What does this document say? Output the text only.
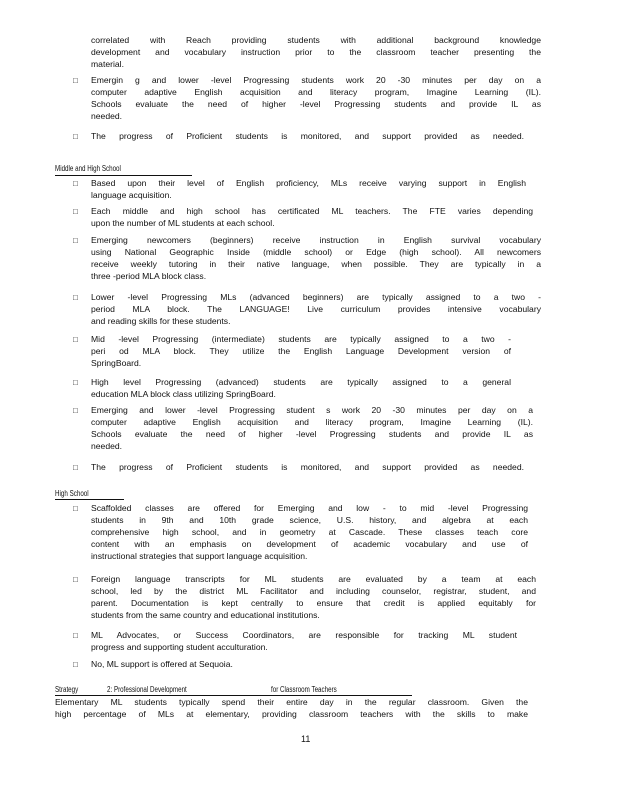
correlated with Reach providing students with additional background knowledge
development and vocabulary instruction prior to the classroom teacher presenting the
material.
□ Emergin g and lower -level Progressing students work 20 -30 minutes per day on a
computer adaptive English acquisition and literacy program, Imagine Learning (IL).
Schools evaluate the need of higher -level Progressing students and provide IL as
needed.
□ The progress of Proficient students is monitored, and support provided as needed.
Middle and High School
□ Based upon their level of English proficiency, MLs receive varying support in English
language acquisition.
□ Each middle and high school has certificated ML teachers. The FTE varies depending
upon the number of ML students at each school.
□ Emerging newcomers (beginners) receive instruction in English survival vocabulary
using National Geographic Inside (middle school) or Edge (high school). All newcomers
receive weekly tutoring in their native language, when possible. They are typically in a
three -period MLA block class.
□ Lower -level Progressing MLs (advanced beginners) are typically assigned to a two -
period MLA block. The LANGUAGE! Live curriculum provides intensive vocabulary
and reading skills for these students.
□ Mid -level Progressing (intermediate) students are typically assigned to a two -
peri od MLA block. They utilize the English Language Development version of
SpringBoard.
□ High level Progressing (advanced) students are typically assigned to a general
education MLA block class utilizing SpringBoard.
□ Emerging and lower -level Progressing student s work 20 -30 minutes per day on a
computer adaptive English acquisition and literacy program, Imagine Learning (IL).
Schools evaluate the need of higher -level Progressing students and provide IL as
needed.
□ The progress of Proficient students is monitored, and support provided as needed.
High School
□ Scaffolded classes are offered for Emerging and low - to mid -level Progressing
students in 9th and 10th grade science, U.S. history, and algebra at each
comprehensive high school, and in geometry at Cascade. These classes teach core
content with an emphasis on development of academic vocabulary and use of
instructional strategies that support language acquisition.
□ Foreign language transcripts for ML students are evaluated by a team at each
school, led by the district ML Facilitator and including counselor, registrar, student, and
parent. Documentation is kept centrally to ensure that credit is applied equitably for
students from the same country and educational institutions.
□ ML Advocates, or Success Coordinators, are responsible for tracking ML student
progress and supporting student acculturation.
□ No, ML support is offered at Sequoia.
Strategy	2: Professional Development	for Classroom Teachers
Elementary ML students typically spend their entire day in the regular classroom. Given the
high percentage of MLs at elementary, providing classroom teachers with the skills to make
11
